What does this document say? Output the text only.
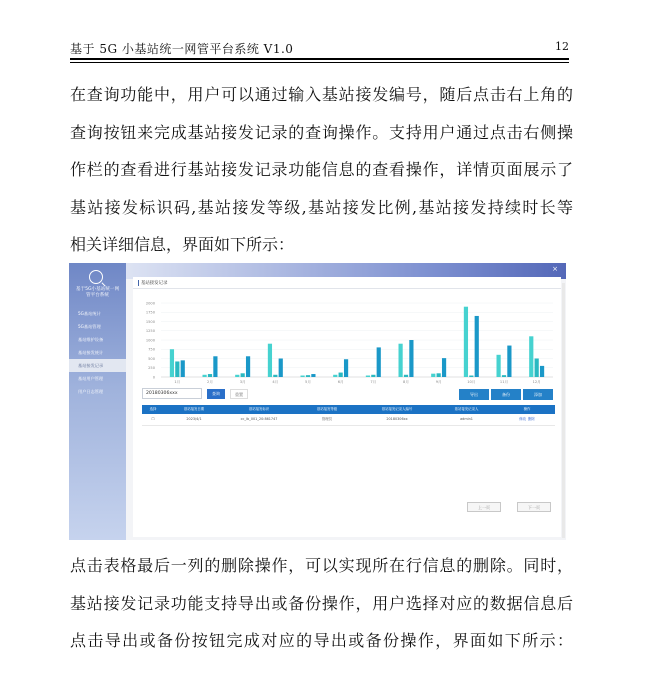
基于 5G 小基站统一网管平台系统 V1.0	12

在查询功能中，用户可以通过输入基站接发编号，随后点击右上角的
查询按钮来完成基站接发记录的查询操作。支持用户通过点击右侧操
作栏的查看进行基站接发记录功能信息的查看操作，详情页面展示了
基站接发标识码,基站接发等级,基站接发比例,基站接发持续时长等
相关详细信息，界面如下所示：

基于5G小基站统一网
管平台系统
5G基站统计
5G基站管理
基站维护设备
基站接发统计
基站接发记录
基站用户管理
用户日志管理
×
基站接发记录
0
250
500
750
1000
1250
1500
1750
2000
1月	2月	3月	4月	5月	6月	7月	8月	9月	10月	11月	12月
20180306xxx	查询	重置	导出	备份	添加
选择	基站接发日期	基站接发标识	基站接发等级	基站接发记录人编号	基站接发记录人	操作
☐	2023/4/1	cc_lb_001_20:861747	管理员	20180306xx	admin1	修改 删除
上一页	下一页

点击表格最后一列的删除操作，可以实现所在行信息的删除。同时，
基站接发记录功能支持导出或备份操作，用户选择对应的数据信息后
点击导出或备份按钮完成对应的导出或备份操作，界面如下所示：
